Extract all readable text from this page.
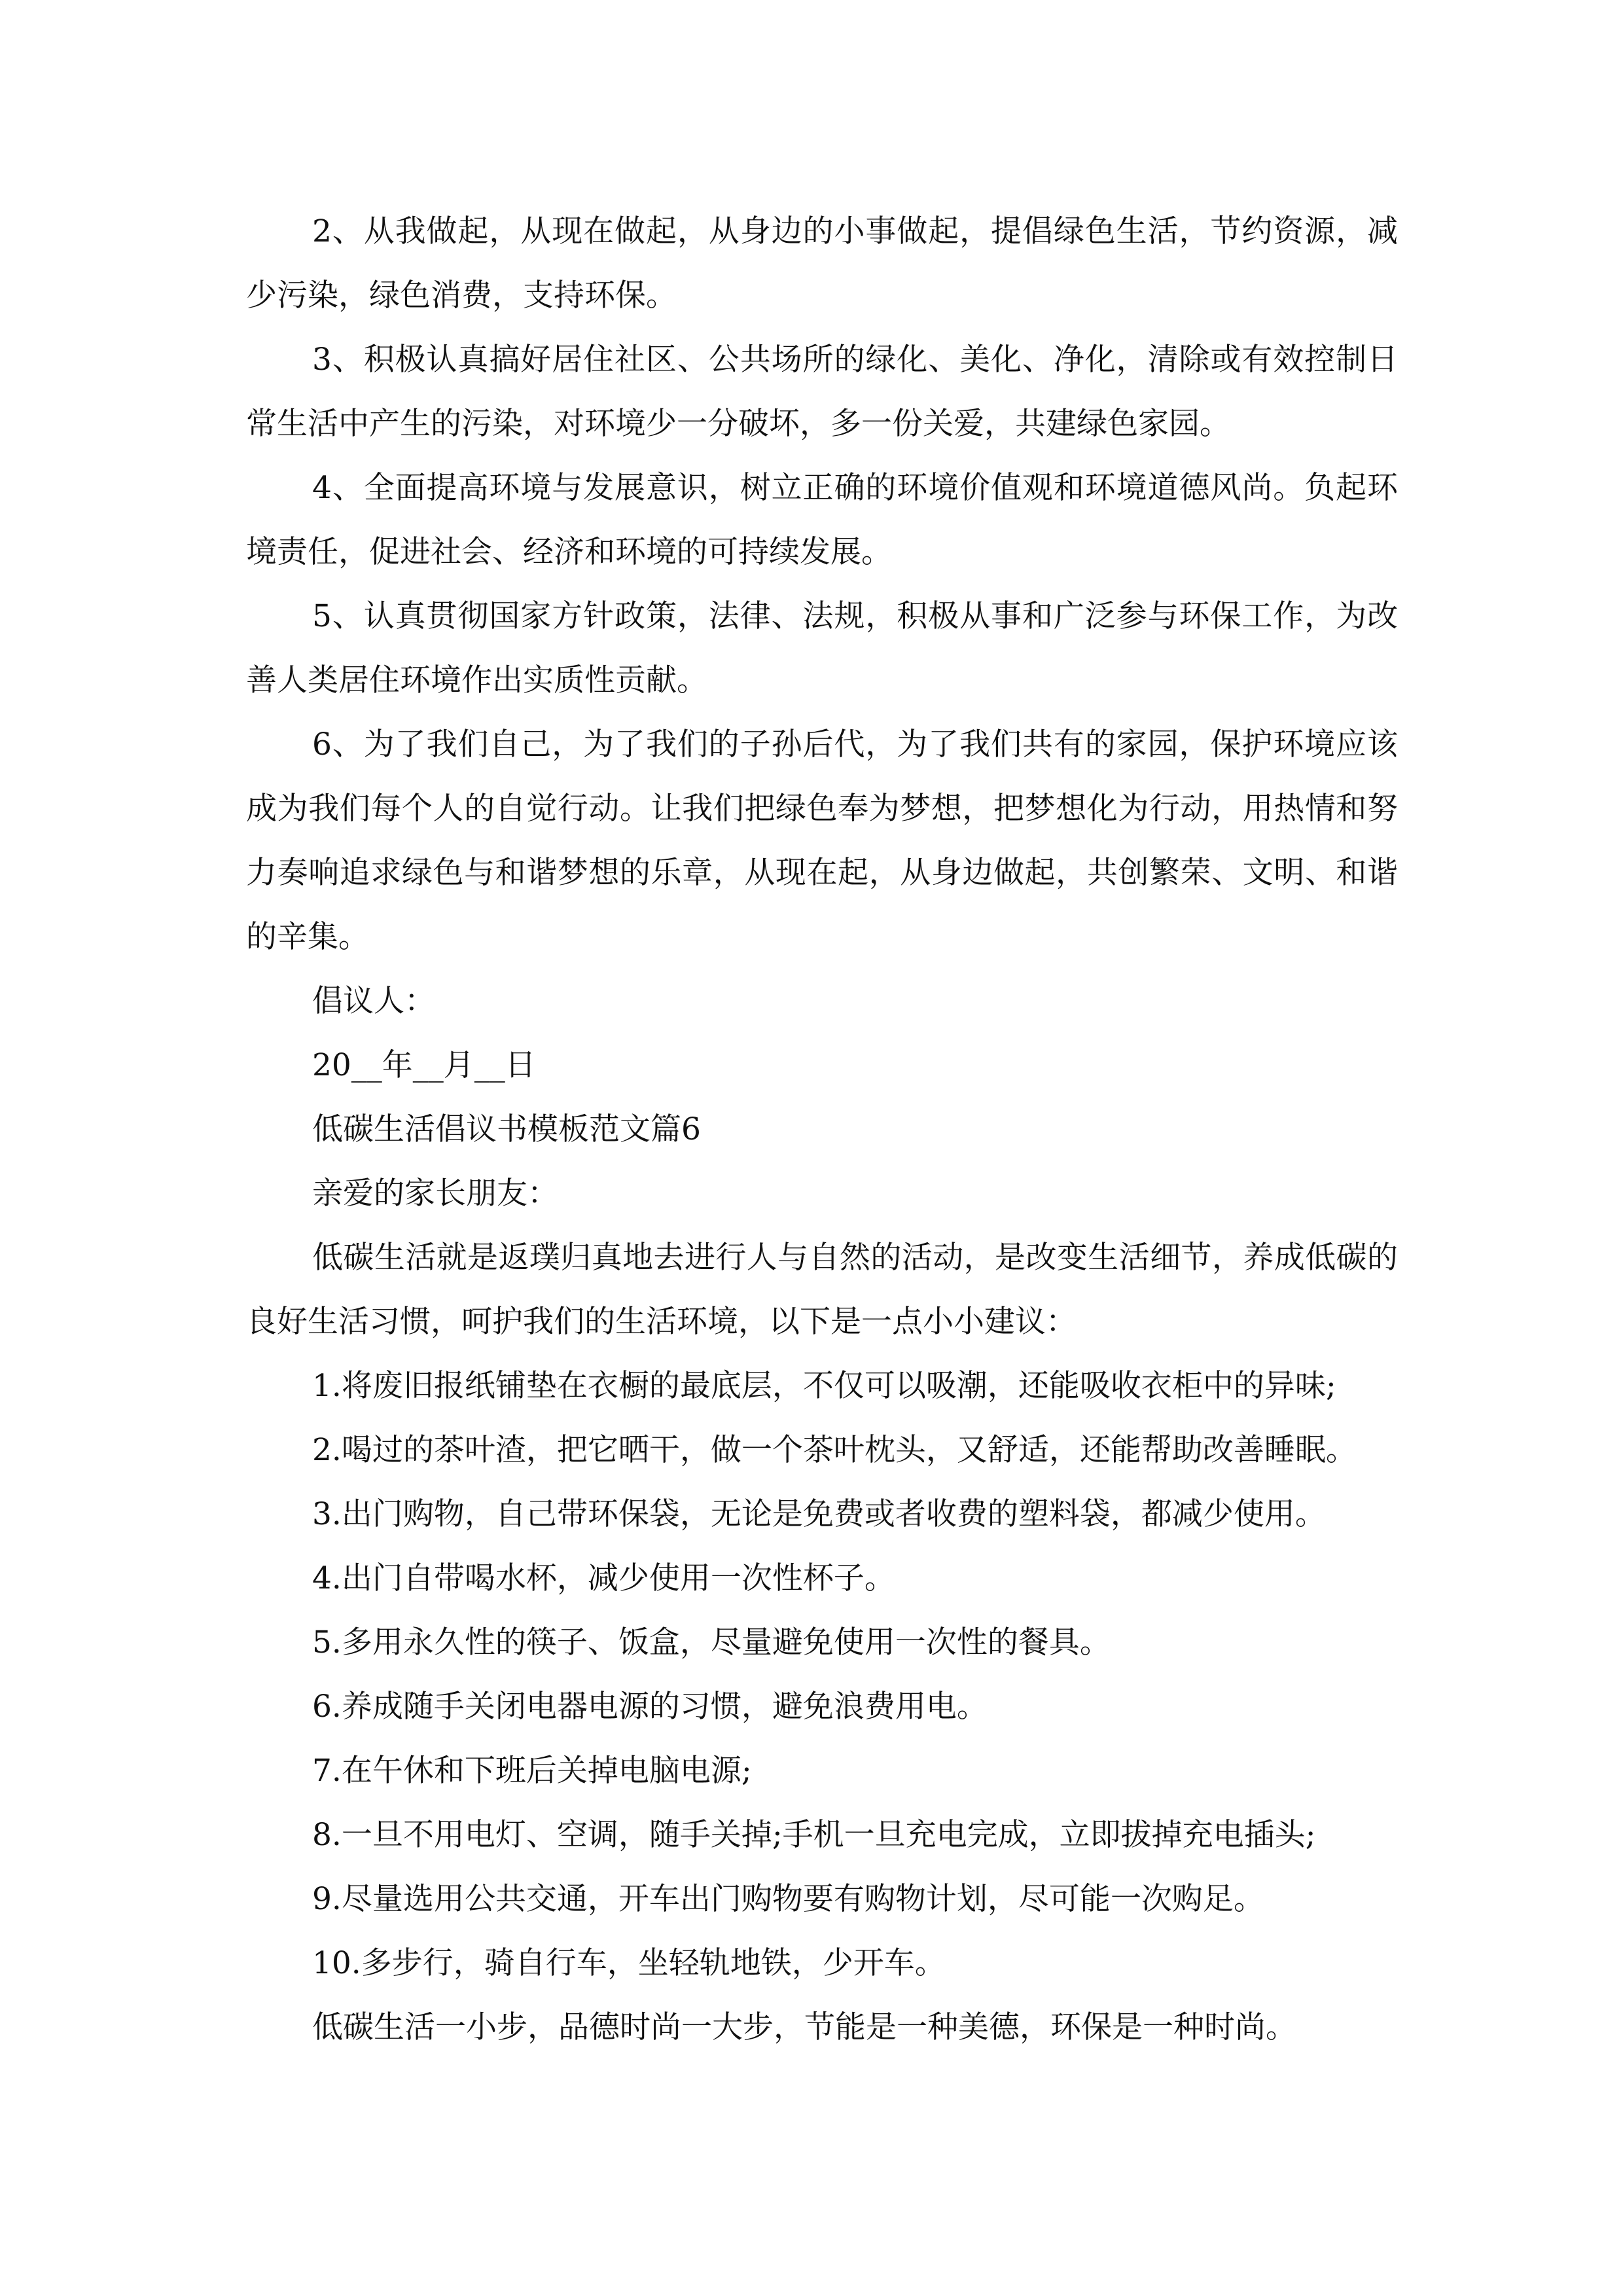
2、从我做起，从现在做起，从身边的小事做起，提倡绿色生活，节约资源，减少污染，绿色消费，支持环保。

3、积极认真搞好居住社区、公共场所的绿化、美化、净化，清除或有效控制日常生活中产生的污染，对环境少一分破坏，多一份关爱，共建绿色家园。

4、全面提高环境与发展意识，树立正确的环境价值观和环境道德风尚。负起环境责任，促进社会、经济和环境的可持续发展。

5、认真贯彻国家方针政策，法律、法规，积极从事和广泛参与环保工作，为改善人类居住环境作出实质性贡献。

6、为了我们自己，为了我们的子孙后代，为了我们共有的家园，保护环境应该成为我们每个人的自觉行动。让我们把绿色奉为梦想，把梦想化为行动，用热情和努力奏响追求绿色与和谐梦想的乐章，从现在起，从身边做起，共创繁荣、文明、和谐的辛集。

倡议人：

20__年__月__日

低碳生活倡议书模板范文篇6

亲爱的家长朋友：

低碳生活就是返璞归真地去进行人与自然的活动，是改变生活细节，养成低碳的良好生活习惯，呵护我们的生活环境，以下是一点小小建议：

1.将废旧报纸铺垫在衣橱的最底层，不仅可以吸潮，还能吸收衣柜中的异味;

2.喝过的茶叶渣，把它晒干，做一个茶叶枕头，又舒适，还能帮助改善睡眠。

3.出门购物，自己带环保袋，无论是免费或者收费的塑料袋，都减少使用。

4.出门自带喝水杯，减少使用一次性杯子。

5.多用永久性的筷子、饭盒，尽量避免使用一次性的餐具。

6.养成随手关闭电器电源的习惯，避免浪费用电。

7.在午休和下班后关掉电脑电源;

8.一旦不用电灯、空调，随手关掉;手机一旦充电完成，立即拔掉充电插头;

9.尽量选用公共交通，开车出门购物要有购物计划，尽可能一次购足。

10.多步行，骑自行车，坐轻轨地铁，少开车。

低碳生活一小步，品德时尚一大步，节能是一种美德，环保是一种时尚。
